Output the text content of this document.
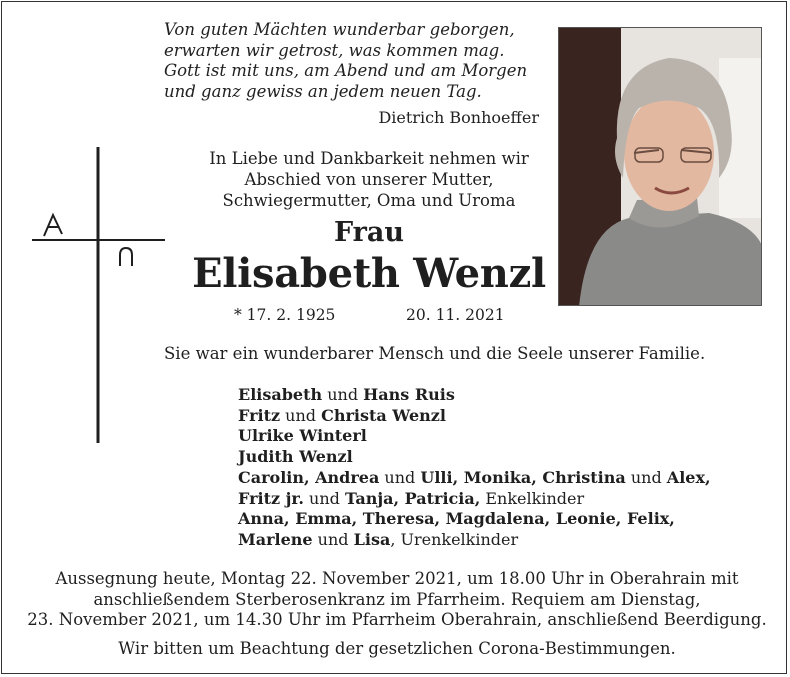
Von guten Mächten wunderbar geborgen,
erwarten wir getrost, was kommen mag.
Gott ist mit uns, am Abend und am Morgen
und ganz gewiss an jedem neuen Tag.
Dietrich Bonhoeffer
In Liebe und Dankbarkeit nehmen wir
Abschied von unserer Mutter,
Schwiegermutter, Oma und Uroma
Frau
Elisabeth Wenzl
* 17. 2. 1925	20. 11. 2021
Sie war ein wunderbarer Mensch und die Seele unserer Familie.
Elisabeth und Hans Ruis
Fritz und Christa Wenzl
Ulrike Winterl
Judith Wenzl
Carolin, Andrea und Ulli, Monika, Christina und Alex,
Fritz jr. und Tanja, Patricia, Enkelkinder
Anna, Emma, Theresa, Magdalena, Leonie, Felix,
Marlene und Lisa, Urenkelkinder
Aussegnung heute, Montag 22. November 2021, um 18.00 Uhr in Oberahrain mit
anschließendem Sterberosenkranz im Pfarrheim. Requiem am Dienstag,
23. November 2021, um 14.30 Uhr im Pfarrheim Oberahrain, anschließend Beerdigung.
Wir bitten um Beachtung der gesetzlichen Corona-Bestimmungen.
